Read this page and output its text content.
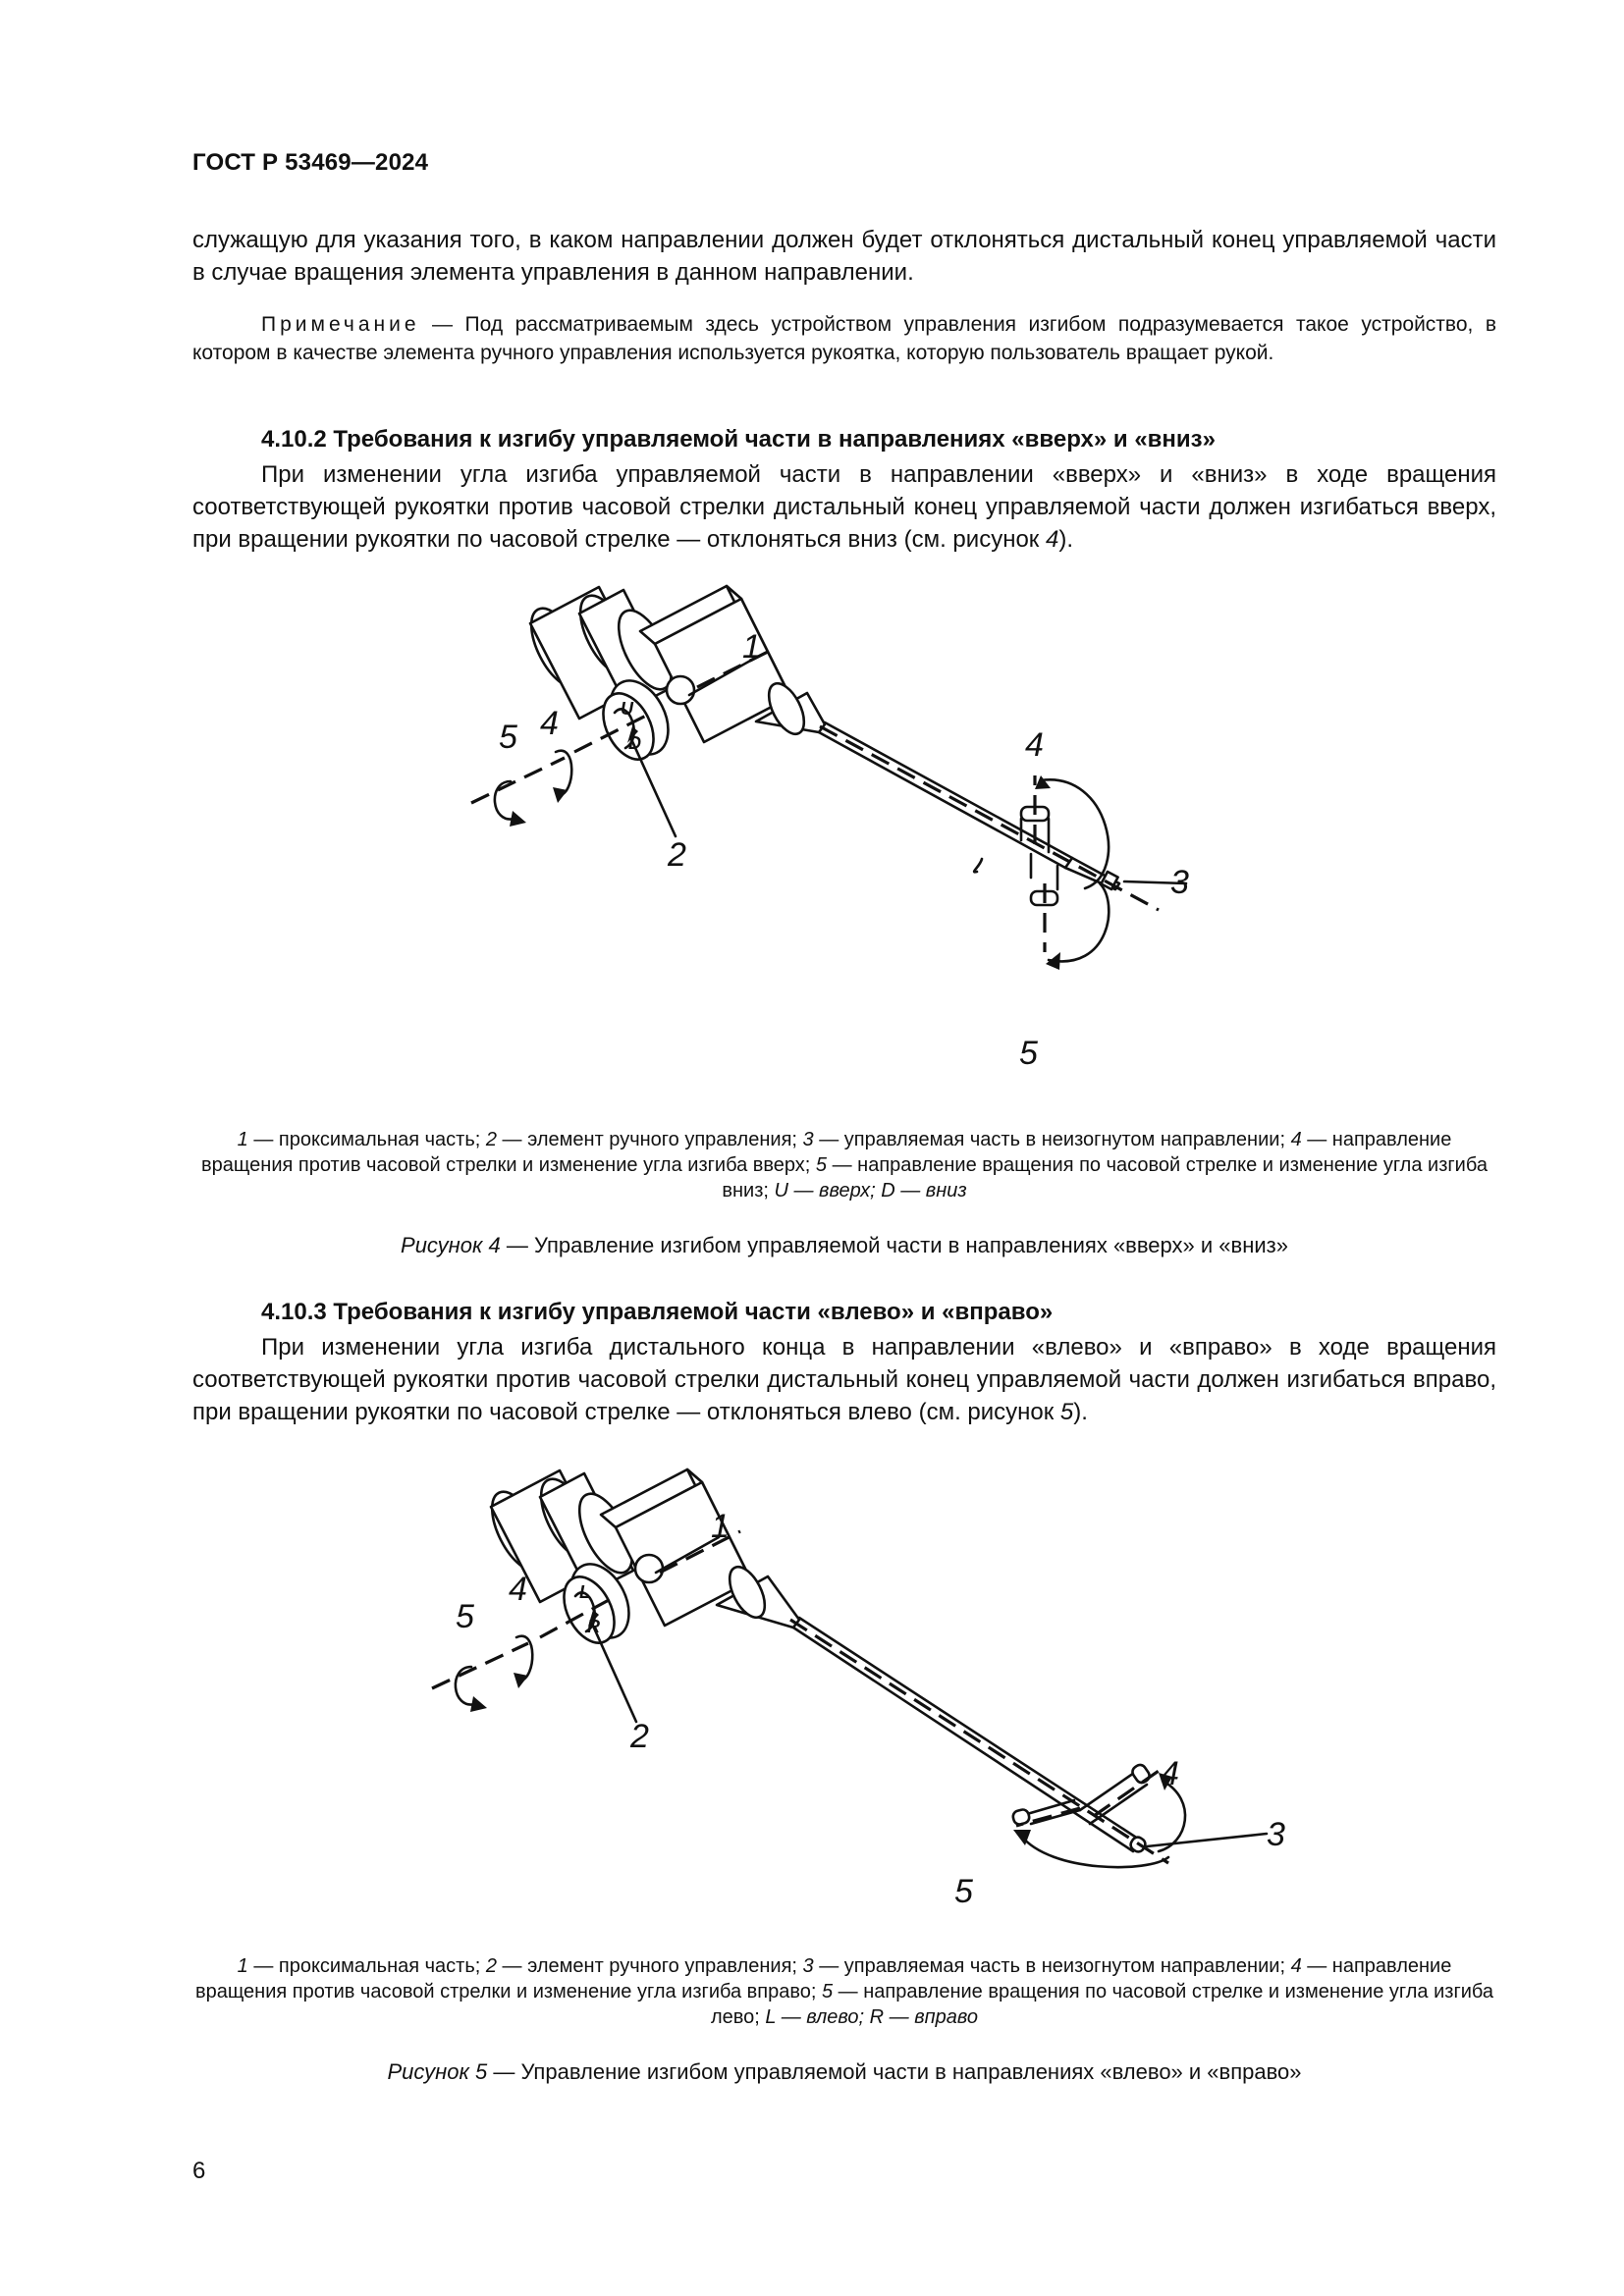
ГОСТ Р 53469—2024
служащую для указания того, в каком направлении должен будет отклоняться дистальный конец управляемой части в случае вращения элемента управления в данном направлении.
Примечание — Под рассматриваемым здесь устройством управления изгибом подразумевается такое устройство, в котором в качестве элемента ручного управления используется рукоятка, которую пользователь вращает рукой.
4.10.2 Требования к изгибу управляемой части в направлениях «вверх» и «вниз»
При изменении угла изгиба управляемой части в направлении «вверх» и «вниз» в ходе вращения соответствующей рукоятки против часовой стрелки дистальный конец управляемой части должен изгибаться вверх, при вращении рукоятки по часовой стрелке — отклоняться вниз (см. рисунок 4).
1
2
3
4
5	4
5
U
D
1 — проксимальная часть; 2 — элемент ручного управления; 3 — управляемая часть в неизогнутом направлении; 4 — направление вращения против часовой стрелки и изменение угла изгиба вверх; 5 — направление вращения по часовой стрелке и изменение угла изгиба вниз; U — вверх; D — вниз
Рисунок 4 — Управление изгибом управляемой части в направлениях «вверх» и «вниз»
4.10.3 Требования к изгибу управляемой части «влево» и «вправо»
При изменении угла изгиба дистального конца в направлении «влево» и «вправо» в ходе вращения соответствующей рукоятки против часовой стрелки дистальный конец управляемой части должен изгибаться вправо, при вращении рукоятки по часовой стрелке — отклоняться влево (см. рисунок 5).
1
2
3
4
5
4
5
L
R
1 — проксимальная часть; 2 — элемент ручного управления; 3 — управляемая часть в неизогнутом направлении; 4 — направление вращения против часовой стрелки и изменение угла изгиба вправо; 5 — направление вращения по часовой стрелке и изменение угла изгиба лево; L — влево; R — вправо
Рисунок 5 — Управление изгибом управляемой части в направлениях «влево» и «вправо»
6
